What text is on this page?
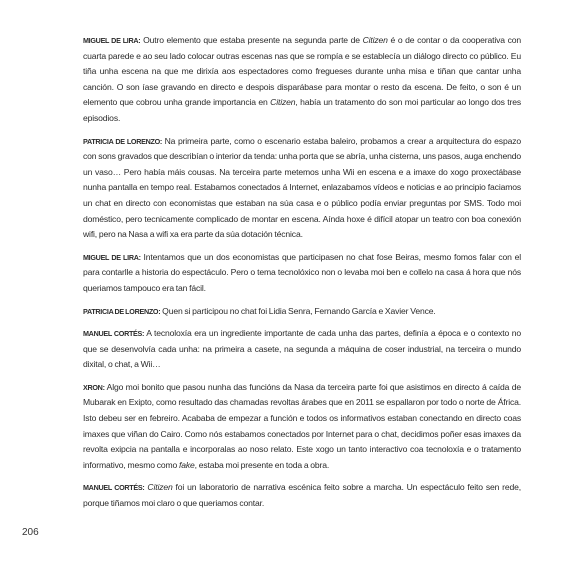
MIGUEL DE LIRA: Outro elemento que estaba presente na segunda parte de Citizen é o de contar o da cooperativa con cuarta parede e ao seu lado colocar outras escenas nas que se rompía e se establecía un diálogo directo co público. Eu tiña unha escena na que me dirixía aos espectadores como fregueses durante unha misa e tiñan que cantar unha canción. O son íase gravando en directo e despois disparábase para montar o resto da escena. De feito, o son é un elemento que cobrou unha grande importancia en Citizen, había un tratamento do son moi particular ao longo dos tres episodios.

PATRICIA DE LORENZO: Na primeira parte, como o escenario estaba baleiro, probamos a crear a arquitectura do espazo con sons gravados que describían o interior da tenda: unha porta que se abría, unha cisterna, uns pasos, auga enchendo un vaso… Pero había máis cousas. Na terceira parte metemos unha Wii en escena e a imaxe do xogo proxectábase nunha pantalla en tempo real. Estabamos conectados á Internet, enlazabamos vídeos e noticias e ao principio faciamos un chat en directo con economistas que estaban na súa casa e o público podía enviar preguntas por SMS. Todo moi doméstico, pero tecnicamente complicado de montar en escena. Aínda hoxe é difícil atopar un teatro con boa conexión wifi, pero na Nasa a wifi xa era parte da súa dotación técnica.

MIGUEL DE LIRA: Intentamos que un dos economistas que participasen no chat fose Beiras, mesmo fomos falar con el para contarlle a historia do espectáculo. Pero o tema tecnolóxico non o levaba moi ben e collelo na casa á hora que nós queriamos tampouco era tan fácil.

PATRICIA DE LORENZO: Quen si participou no chat foi Lidia Senra, Fernando García e Xavier Vence.

MANUEL CORTÉS: A tecnoloxía era un ingrediente importante de cada unha das partes, definía a época e o contexto no que se desenvolvía cada unha: na primeira a casete, na segunda a máquina de coser industrial, na terceira o mundo dixital, o chat, a Wii…

XRON: Algo moi bonito que pasou nunha das funcións da Nasa da terceira parte foi que asistimos en directo á caída de Mubarak en Exipto, como resultado das chamadas revoltas árabes que en 2011 se espallaron por todo o norte de África. Isto debeu ser en febreiro. Acababa de empezar a función e todos os informativos estaban conectando en directo coas imaxes que viñan do Cairo. Como nós estabamos conectados por Internet para o chat, decidimos poñer esas imaxes da revolta exipcia na pantalla e incorporalas ao noso relato. Este xogo un tanto interactivo coa tecnoloxía e o tratamento informativo, mesmo como fake, estaba moi presente en toda a obra.

MANUEL CORTÉS: Citizen foi un laboratorio de narrativa escénica feito sobre a marcha. Un espectáculo feito sen rede, porque tiñamos moi claro o que queriamos contar.

206
